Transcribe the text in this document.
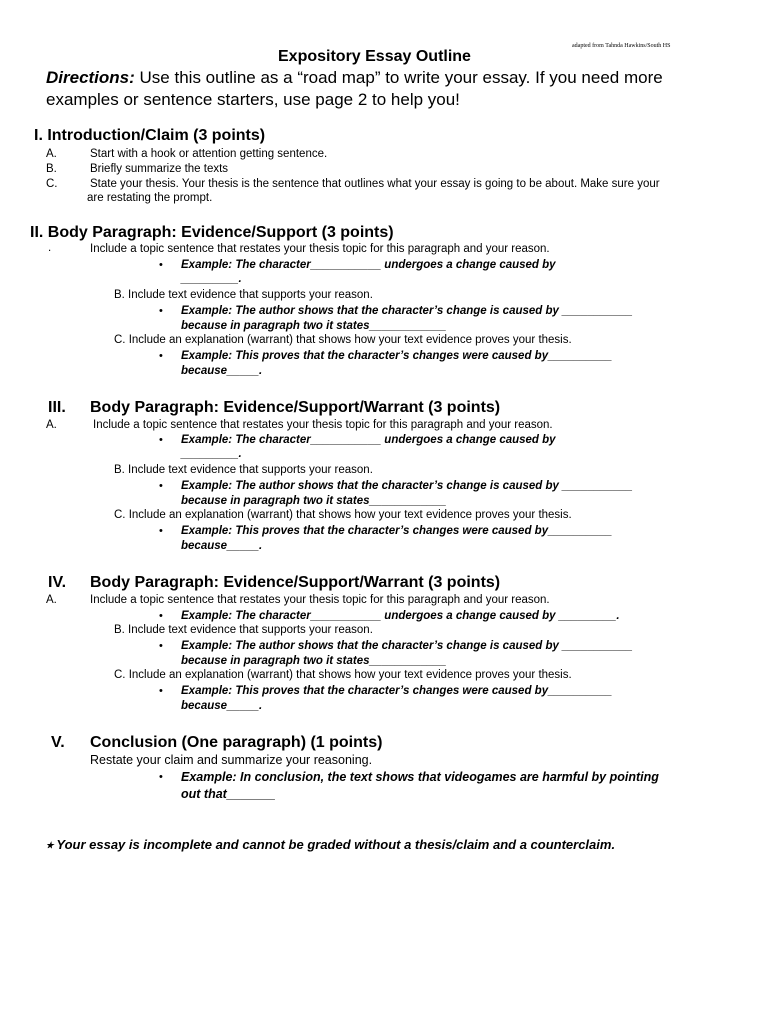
adapted from Tahnda Hawkins/South HS
Expository Essay Outline
Directions: Use this outline as a “road map” to write your essay. If you need more
examples or sentence starters, use page 2 to help you!
I. Introduction/Claim (3 points)
A.	Start with a hook or attention getting sentence.
B.	Briefly summarize the texts
C.	State your thesis. Your thesis is the sentence that outlines what your essay is going to be about. Make sure your
are restating the prompt.
II. Body Paragraph: Evidence/Support (3 points)
.	Include a topic sentence that restates your thesis topic for this paragraph and your reason.
• Example: The character___________ undergoes a change caused by
_________.
B. Include text evidence that supports your reason.
• Example: The author shows that the character’s change is caused by ___________
because in paragraph two it states____________
C. Include an explanation (warrant) that shows how your text evidence proves your thesis.
• Example: This proves that the character’s changes were caused by__________
because_____.
III. Body Paragraph: Evidence/Support/Warrant (3 points)
A.	Include a topic sentence that restates your thesis topic for this paragraph and your reason.
• Example: The character___________ undergoes a change caused by
_________.
B. Include text evidence that supports your reason.
• Example: The author shows that the character’s change is caused by ___________
because in paragraph two it states____________
C. Include an explanation (warrant) that shows how your text evidence proves your thesis.
• Example: This proves that the character’s changes were caused by__________
because_____.
IV. Body Paragraph: Evidence/Support/Warrant (3 points)
A.	Include a topic sentence that restates your thesis topic for this paragraph and your reason.
• Example: The character___________ undergoes a change caused by _________.
B. Include text evidence that supports your reason.
• Example: The author shows that the character’s change is caused by ___________
because in paragraph two it states____________
C. Include an explanation (warrant) that shows how your text evidence proves your thesis.
• Example: This proves that the character’s changes were caused by__________
because_____.
V. Conclusion (One paragraph) (1 points)
Restate your claim and summarize your reasoning.
• Example: In conclusion, the text shows that videogames are harmful by pointing
out that_______
⭑ Your essay is incomplete and cannot be graded without a thesis/claim and a counterclaim.
